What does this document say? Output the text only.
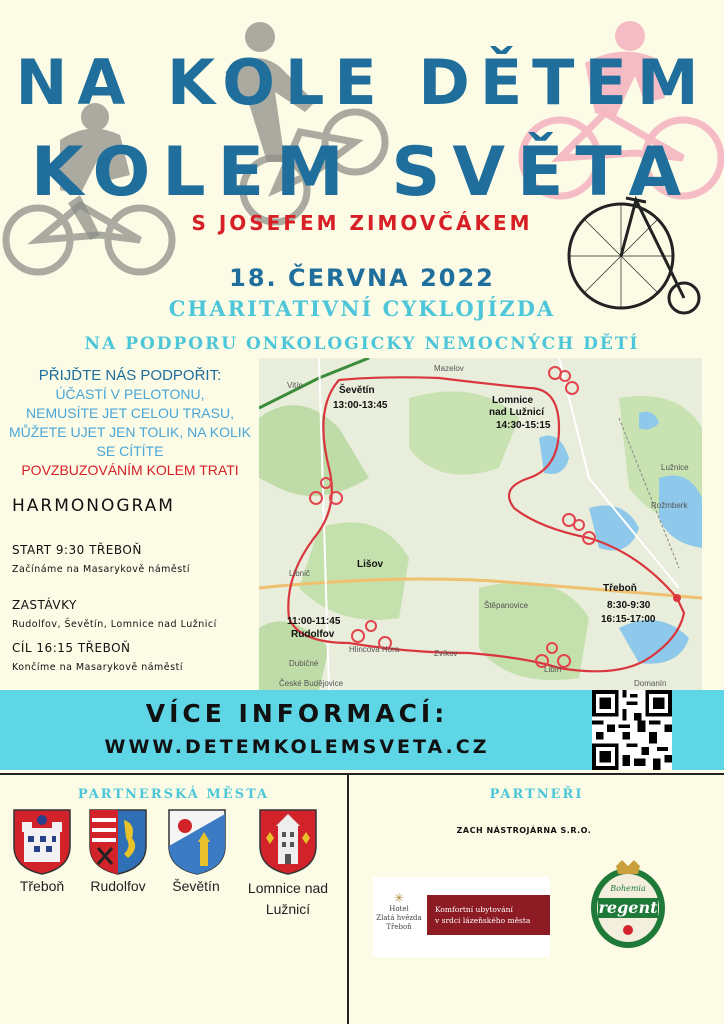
NA KOLE DĚTEM
KOLEM SVĚTA
S JOSEFEM ZIMOVČÁKEM
18. ČERVNA 2022
CHARITATIVNÍ CYKLOJÍZDA
NA PODPORU ONKOLOGICKY NEMOCNÝCH DĚTÍ
PŘIJĎTE NÁS PODPOŘIT:
ÚČASTÍ V PELOTONU,
NEMUSÍTE JET CELOU TRASU,
MŮŽETE UJET JEN TOLIK, NA KOLIK
SE CÍTÍTE
POVZBUZOVÁNÍM KOLEM TRATI
HARMONOGRAM
START 9:30 TŘEBOŇ
Začínáme na Masarykově náměstí
ZASTÁVKY
Rudolfov, Ševětín, Lomnice nad Lužnicí
CÍL 16:15 TŘEBOŇ
Končíme na Masarykově náměstí
Ševětín
13:00-13:45	Lomnice
nad Lužnicí
14:30-15:15
Lišov
Třeboň
8:30-9:30
16:15-17:00
11:00-11:45
Rudolfov
Vitín
Mazelov
Lužnice
Libnič
Štěpanovice
Zvíkov
Hlincova Hora
Dubičné
České Budějovice
Libín
Domanín
Rožmberk
VÍCE INFORMACÍ:
WWW.DETEMKOLEMSVETA.CZ
PARTNERSKÁ MĚSTA	PARTNEŘI
Třeboň	Rudolfov	Ševětín	Lomnice nad Lužnicí
ZACH NÁSTROJÁRNA S.R.O.
✳
Hotel
Zlatá hvězda
Třeboň
Komfortní ubytování
v srdci lázeňského města
regent
Bohemia
